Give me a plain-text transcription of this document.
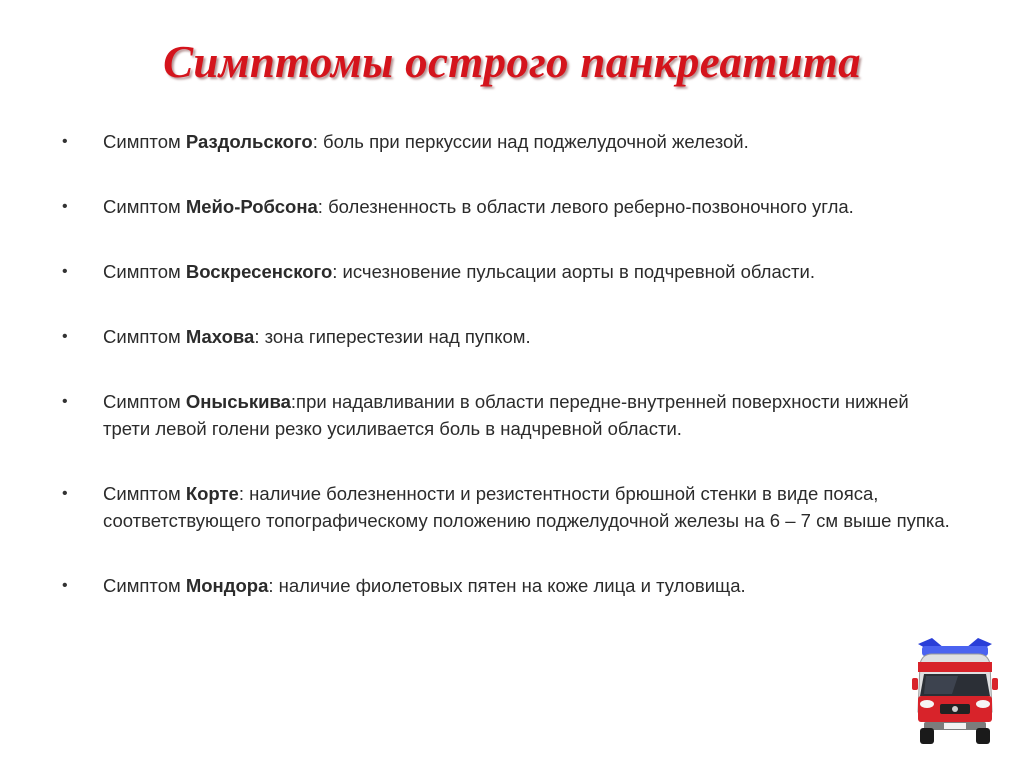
Симптомы острого панкреатита
• Симптом Раздольского: боль при перкуссии над поджелудочной железой.
• Симптом Мейо-Робсона: болезненность в области левого реберно-позвоночного угла.
• Симптом Воскресенского: исчезновение пульсации аорты в подчревной области.
• Симптом Махова: зона гиперестезии над пупком.
• Симптом Оныськива:при надавливании в области передне-внутренней поверхности нижней трети левой голени резко усиливается боль в надчревной области.
• Симптом Корте: наличие болезненности и резистентности брюшной стенки в виде пояса, соответствующего топографическому положению поджелудочной железы на 6 – 7 см выше пупка.
• Симптом Мондора: наличие фиолетовых пятен на коже лица и туловища.
